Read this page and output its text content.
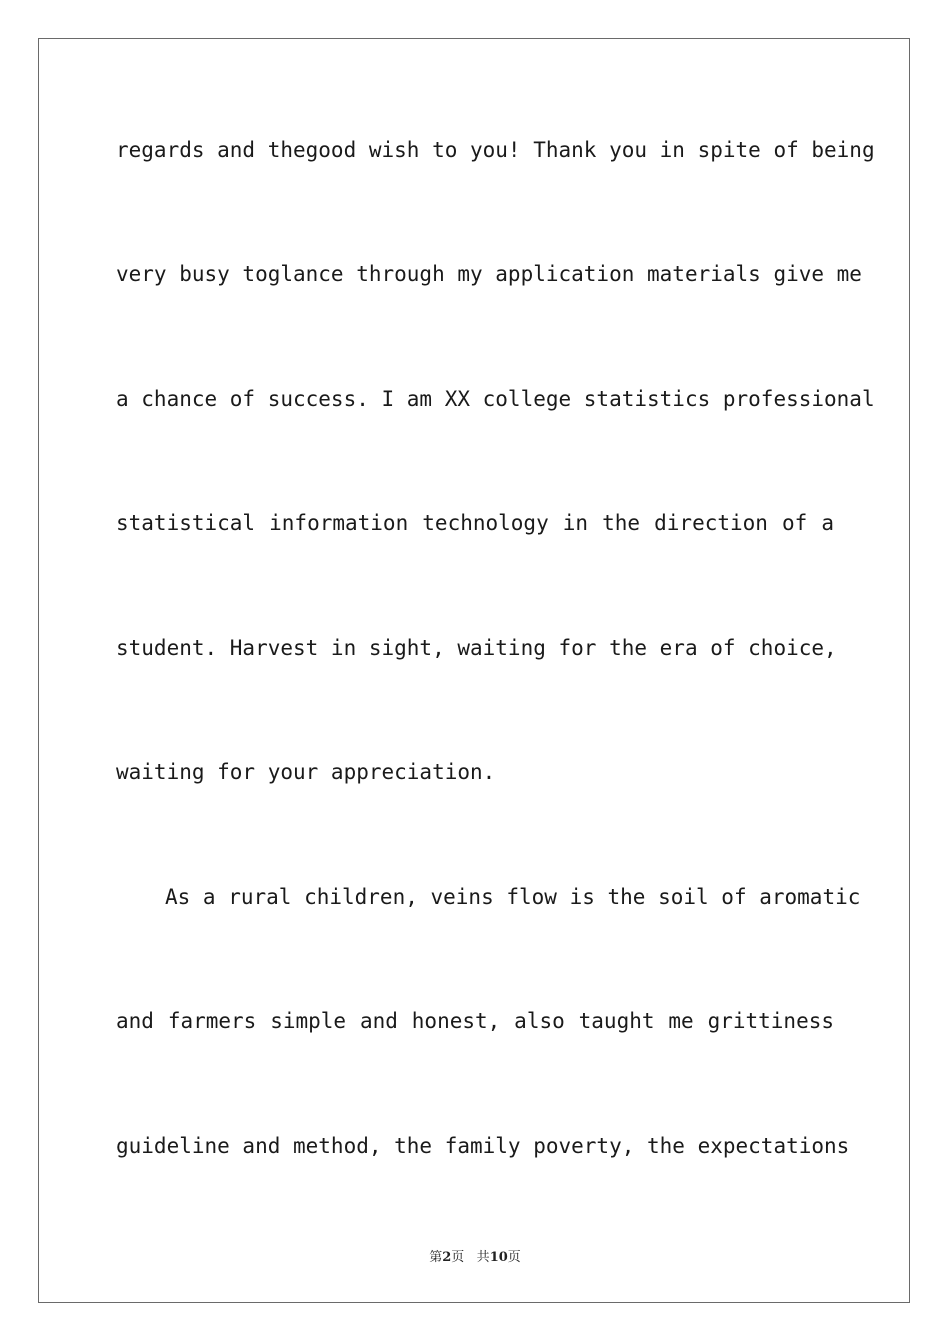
regards and thegood wish to you! Thank you in spite of being
very busy toglance through my application materials give me
a chance of success. I am XX college statistics professional
statistical information technology in the direction of a
student. Harvest in sight, waiting for the era of choice,
waiting for your appreciation.
As a rural children, veins flow is the soil of aromatic
and farmers simple and honest, also taught me grittiness
guideline and method, the family poverty, the expectations
第2页 共10页
